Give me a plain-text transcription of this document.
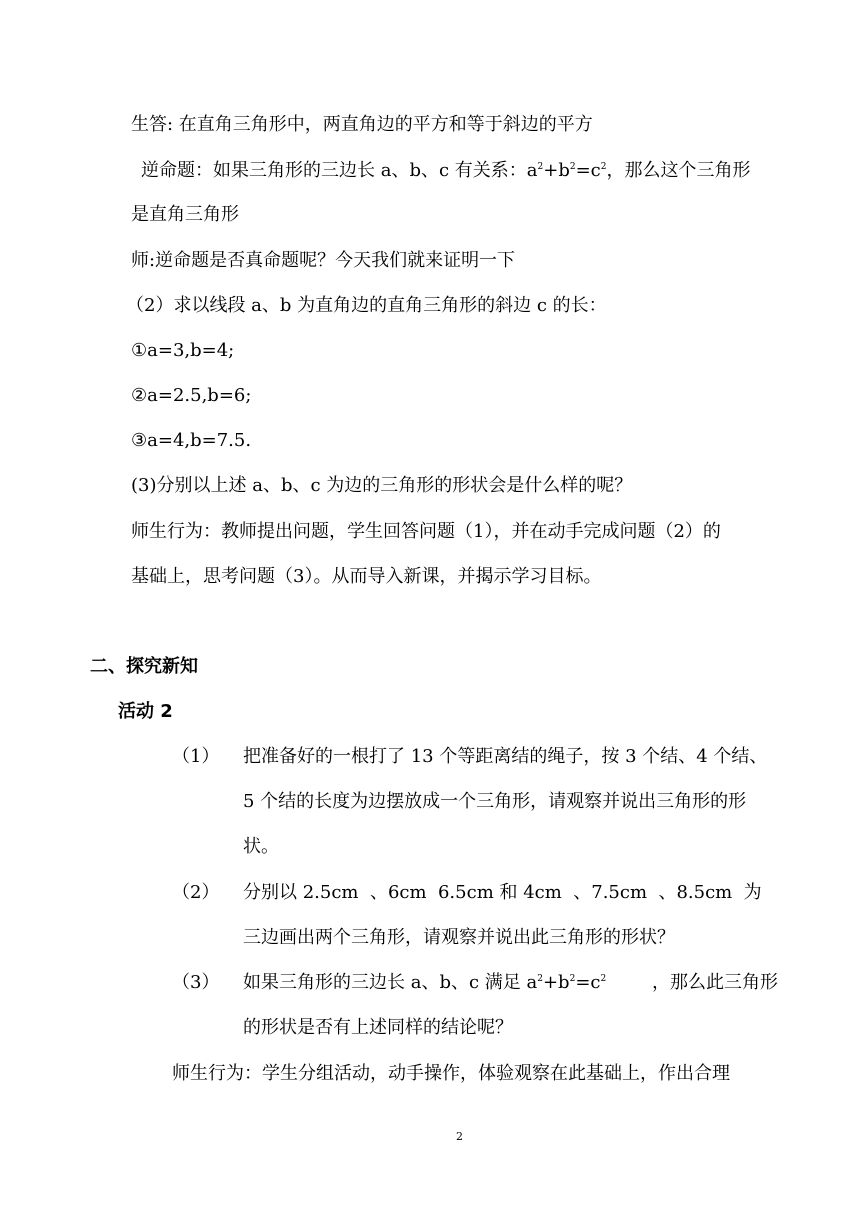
生答: 在直角三角形中，两直角边的平方和等于斜边的平方
逆命题：如果三角形的三边长 a、b、c 有关系：$a^2+b^2=c^2$，那么这个三角形
是直角三角形
师:逆命题是否真命题呢？今天我们就来证明一下
（2）求以线段 a、b 为直角边的直角三角形的斜边 c 的长：
①a=3,b=4;
②a=2.5,b=6;
③a=4,b=7.5.
(3)分别以上述 a、b、c 为边的三角形的形状会是什么样的呢？
师生行为：教师提出问题，学生回答问题（1），并在动手完成问题（2）的
基础上，思考问题（3）。从而导入新课，并揭示学习目标。
二、探究新知
活动 2
（1） 把准备好的一根打了 13 个等距离结的绳子，按 3 个结、4 个结、
5 个结的长度为边摆放成一个三角形，请观察并说出三角形的形
状。
（2） 分别以 2.5cm  、6cm  6.5cm 和 4cm  、7.5cm  、8.5cm  为
三边画出两个三角形，请观察并说出此三角形的形状？
（3） 如果三角形的三边长 a、b、c 满足 $a^2+b^2=c^2$	，那么此三角形
的形状是否有上述同样的结论呢？
师生行为：学生分组活动，动手操作，体验观察在此基础上，作出合理
2
